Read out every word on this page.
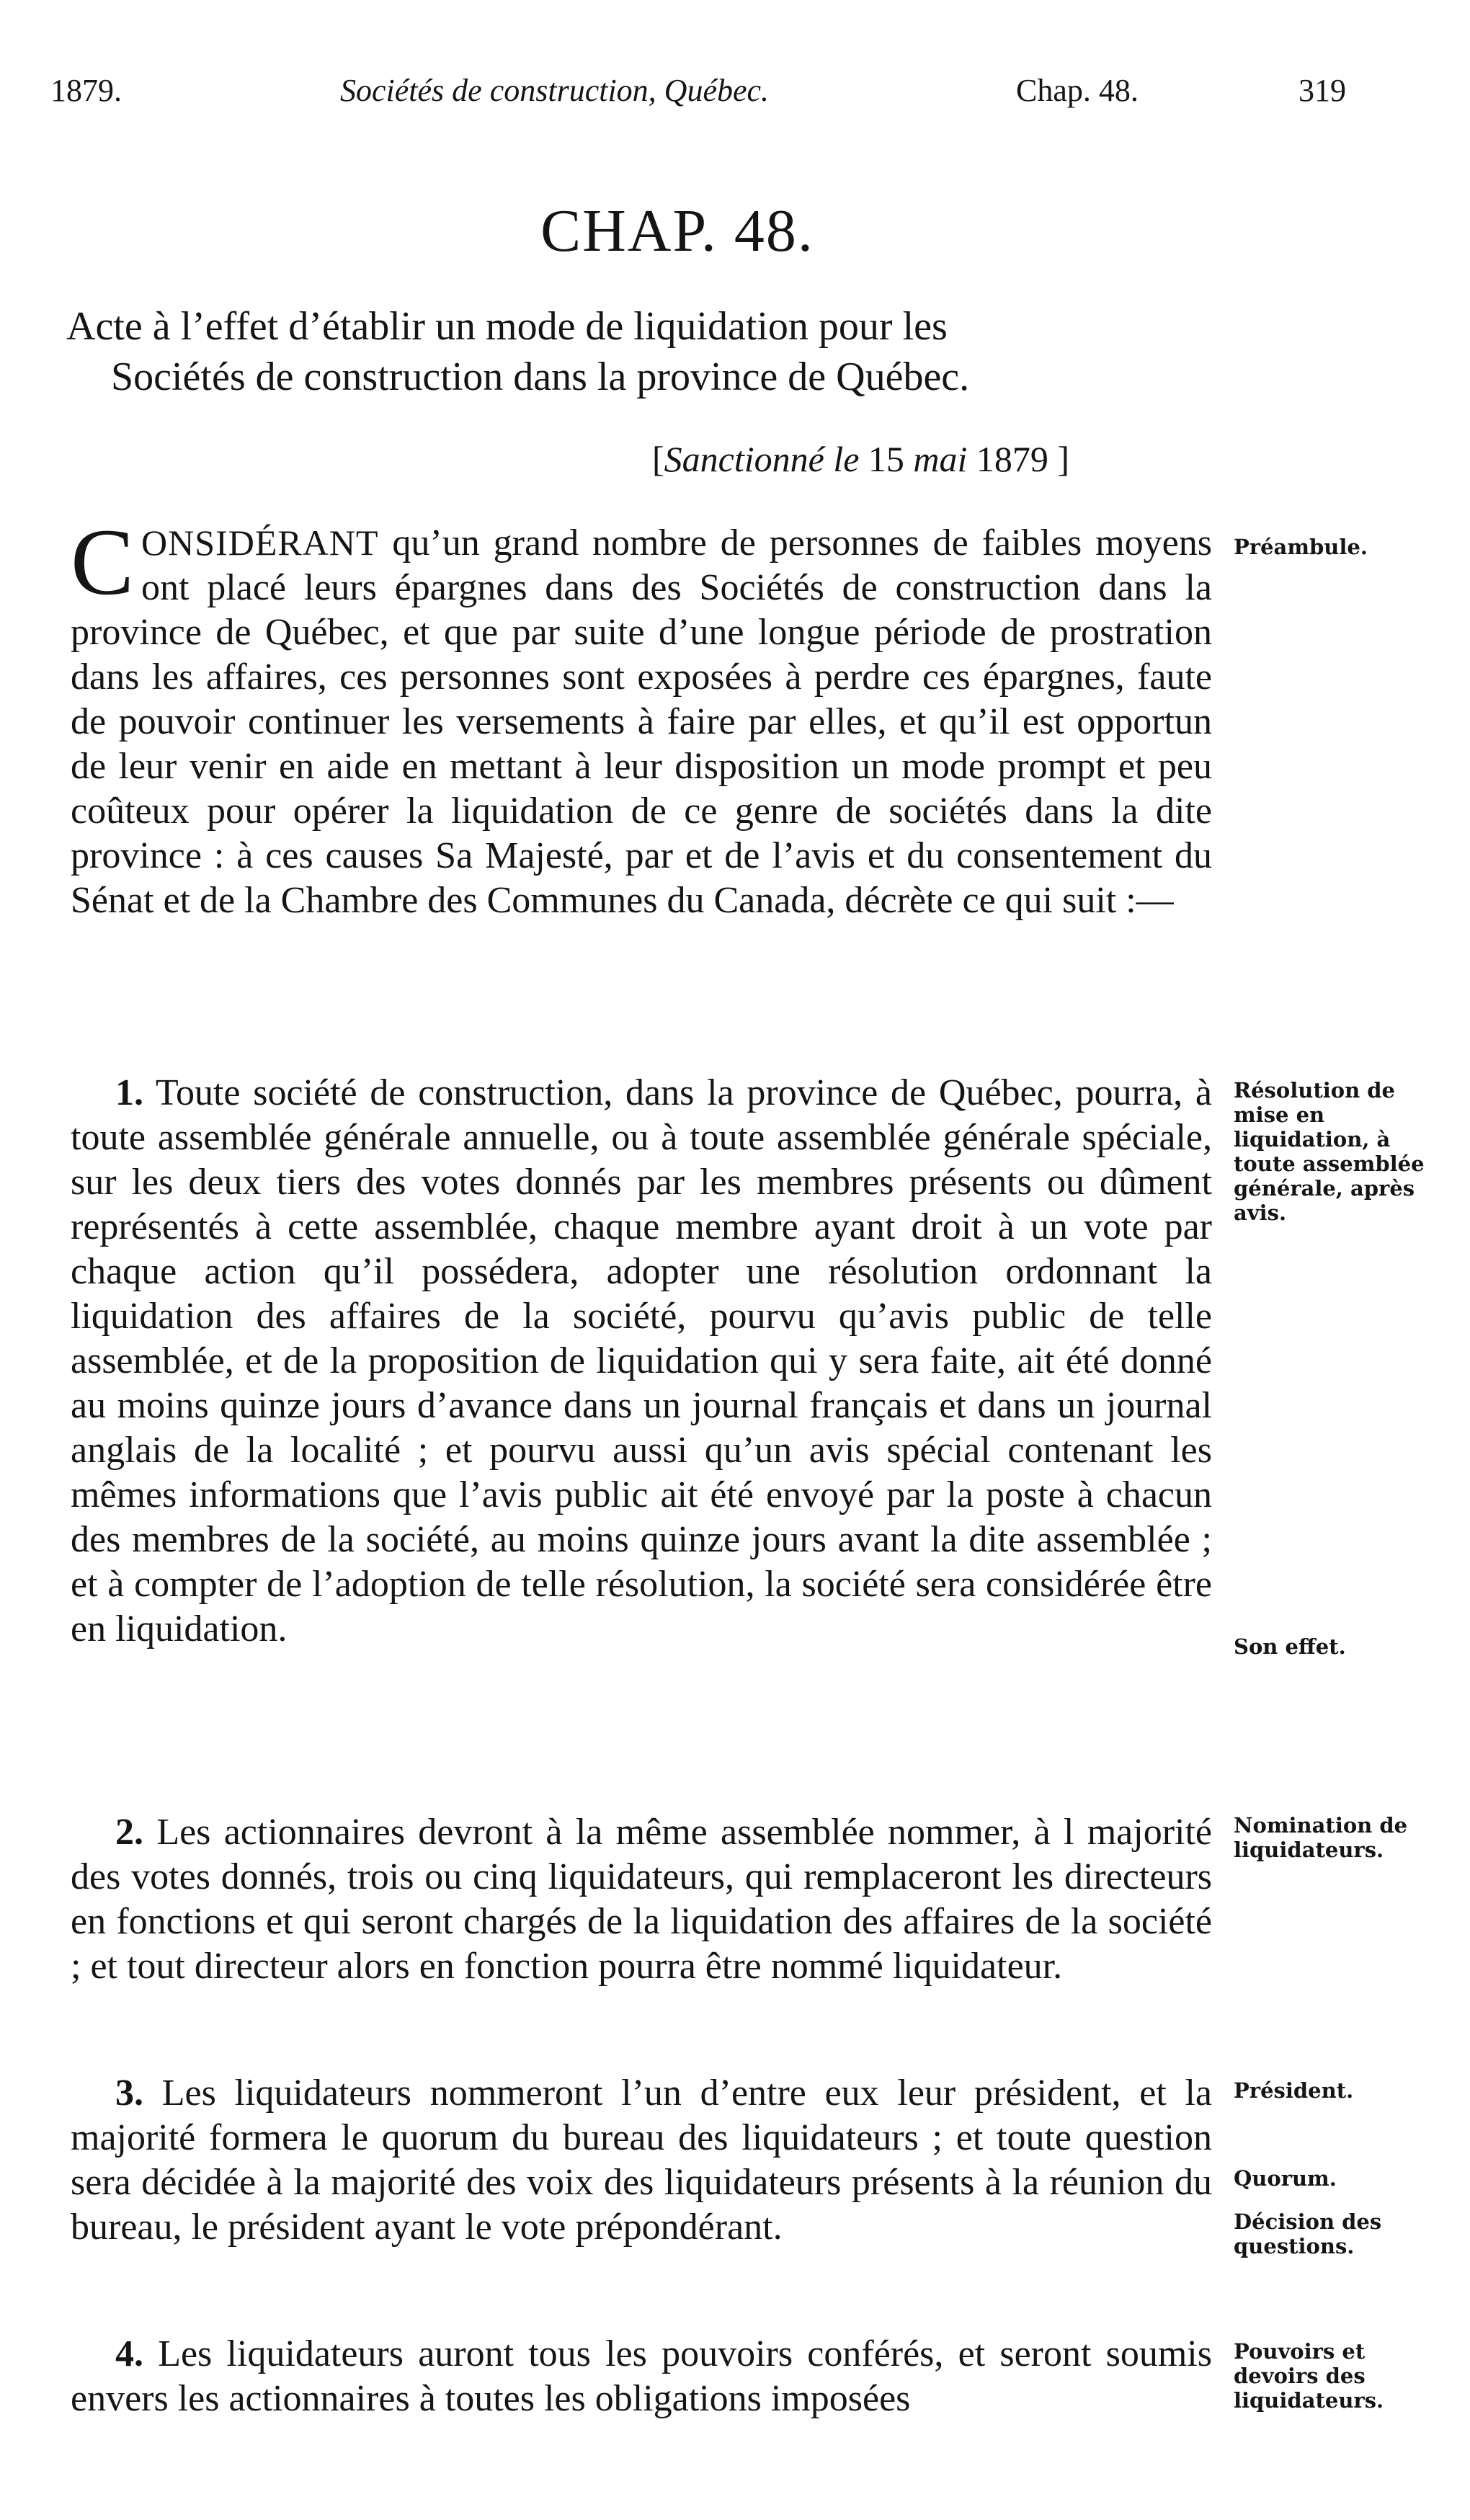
1879.	Sociétés de construction, Québec.	Chap. 48.	319
CHAP. 48.
Acte à l’effet d’établir un mode de liquidation pour les
Sociétés de construction dans la province de Québec.
[Sanctionné le 15 mai 1879 ]
CONSIDÉRANT qu’un grand nombre de personnes de faibles moyens ont placé leurs épargnes dans des Sociétés de construction dans la province de Québec, et que par suite d’une longue période de prostration dans les affaires, ces personnes sont exposées à perdre ces épargnes, faute de pouvoir continuer les versements à faire par elles, et qu’il est opportun de leur venir en aide en mettant à leur disposition un mode prompt et peu coûteux pour opérer la liquidation de ce genre de sociétés dans la dite province : à ces causes Sa Majesté, par et de l’avis et du consentement du Sénat et de la Chambre des Communes du Canada, décrète ce qui suit :—
1. Toute société de construction, dans la province de Québec, pourra, à toute assemblée générale annuelle, ou à toute assemblée générale spéciale, sur les deux tiers des votes donnés par les membres présents ou dûment représentés à cette assemblée, chaque membre ayant droit à un vote par chaque action qu’il possédera, adopter une résolution ordonnant la liquidation des affaires de la société, pourvu qu’avis public de telle assemblée, et de la proposition de liquidation qui y sera faite, ait été donné au moins quinze jours d’avance dans un journal français et dans un journal anglais de la localité ; et pourvu aussi qu’un avis spécial contenant les mêmes informations que l’avis public ait été envoyé par la poste à chacun des membres de la société, au moins quinze jours avant la dite assemblée ; et à compter de l’adoption de telle résolution, la société sera considérée être en liquidation.
2. Les actionnaires devront à la même assemblée nommer, à l majorité des votes donnés, trois ou cinq liquidateurs, qui remplaceront les directeurs en fonctions et qui seront chargés de la liquidation des affaires de la société ; et tout directeur alors en fonction pourra être nommé liquidateur.
3. Les liquidateurs nommeront l’un d’entre eux leur président, et la majorité formera le quorum du bureau des liquidateurs ; et toute question sera décidée à la majorité des voix des liquidateurs présents à la réunion du bureau, le président ayant le vote prépondérant.
4. Les liquidateurs auront tous les pouvoirs conférés, et seront soumis envers les actionnaires à toutes les obligations imposées
Préambule.
Résolution de mise en liquidation, à toute assemblée générale, après avis.
Son effet.
Nomination de liquidateurs.
Président.
Quorum.
Décision des questions.
Pouvoirs et devoirs des liquidateurs.
